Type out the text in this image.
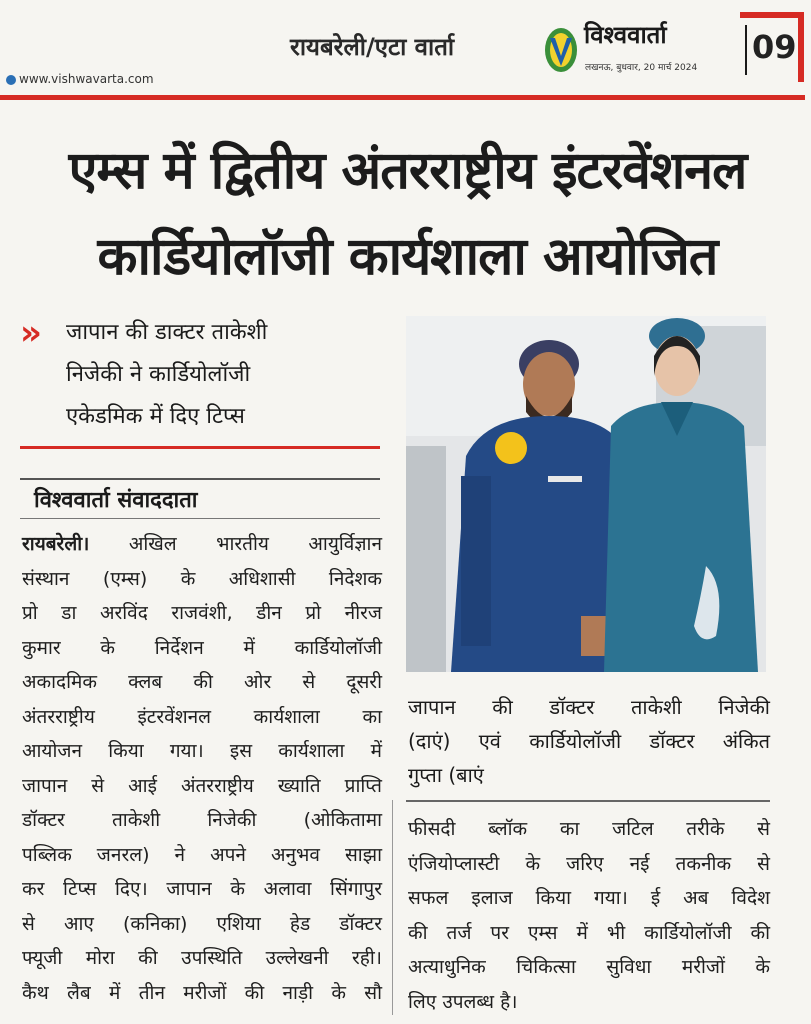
www.vishwavarta.com
रायबरेली/एटा वार्ता	विश्ववार्ता
लखनऊ, बुधवार, 20 मार्च 2024
09
एम्स में द्वितीय अंतरराष्ट्रीय इंटरवेंशनल
कार्डियोलॉजी कार्यशाला आयोजित
» जापान की डाक्टर ताकेशी
निजेकी ने कार्डियोलॉजी
एकेडमिक में दिए टिप्स
विश्ववार्ता संवाददाता
रायबरेली। अखिल भारतीय आयुर्विज्ञान
संस्थान (एम्स) के अधिशासी निदेशक
प्रो डा अरविंद राजवंशी, डीन प्रो नीरज
कुमार के निर्देशन में कार्डियोलॉजी
अकादमिक क्लब की ओर से दूसरी
अंतरराष्ट्रीय इंटरवेंशनल कार्यशाला का
आयोजन किया गया। इस कार्यशाला में
जापान से आई अंतरराष्ट्रीय ख्याति प्राप्ति
डॉक्टर ताकेशी निजेकी (ओकितामा
पब्लिक जनरल) ने अपने अनुभव साझा
कर टिप्स दिए। जापान के अलावा सिंगापुर
से आए (कनिका) एशिया हेड डॉक्टर
फ्यूजी मोरा की उपस्थिति उल्लेखनी रही।
कैथ लैब में तीन मरीजों की नाड़ी के सौ
जापान की डॉक्टर ताकेशी निजेकी
(दाएं) एवं कार्डियोलॉजी डॉक्टर अंकित
गुप्ता (बाएं
फीसदी ब्लॉक का जटिल तरीके से
एंजियोप्लास्टी के जरिए नई तकनीक से
सफल इलाज किया गया। ई अब विदेश
की तर्ज पर एम्स में भी कार्डियोलॉजी की
अत्याधुनिक चिकित्सा सुविधा मरीजों के
लिए उपलब्ध है।
